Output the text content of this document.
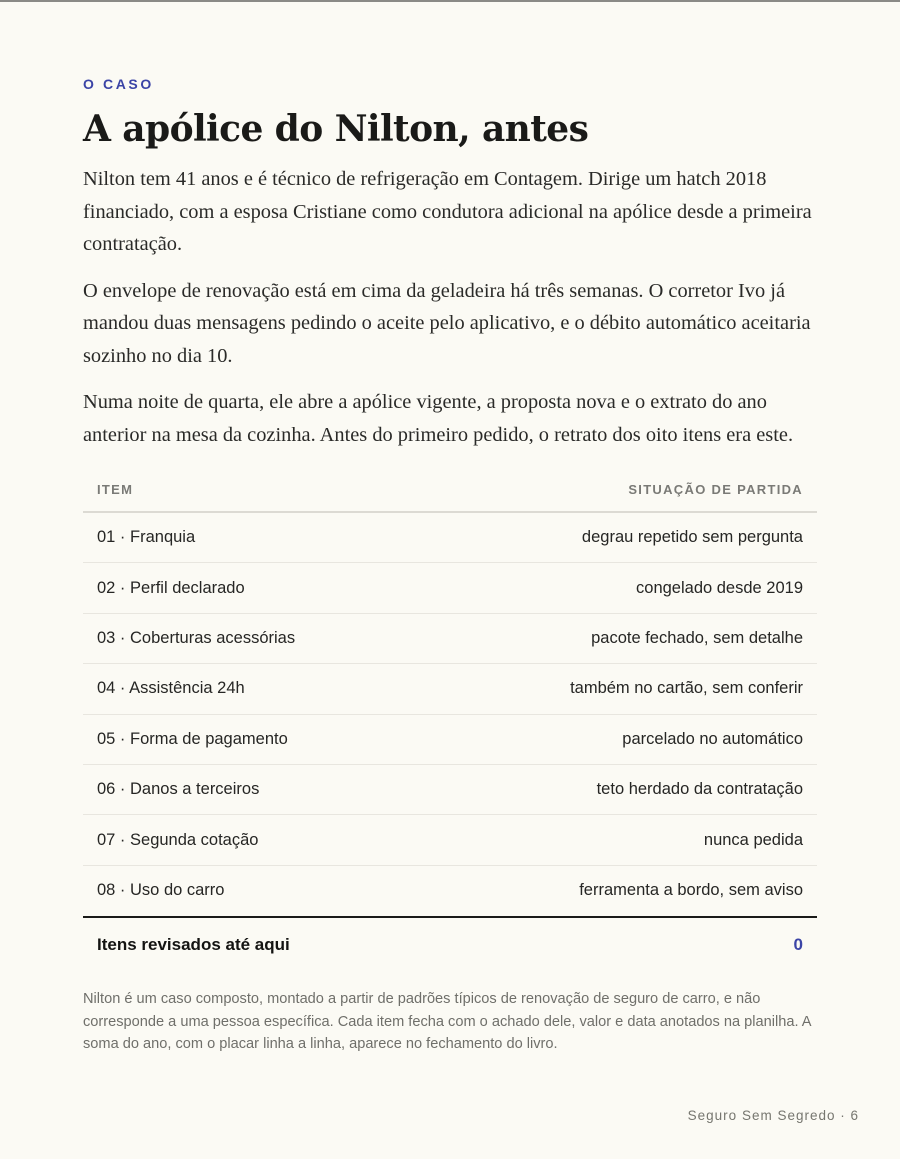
O CASO
A apólice do Nilton, antes

Nilton tem 41 anos e é técnico de refrigeração em Contagem. Dirige um hatch 2018 financiado, com a esposa Cristiane como condutora adicional na apólice desde a primeira contratação.

O envelope de renovação está em cima da geladeira há três semanas. O corretor Ivo já mandou duas mensagens pedindo o aceite pelo aplicativo, e o débito automático aceitaria sozinho no dia 10.

Numa noite de quarta, ele abre a apólice vigente, a proposta nova e o extrato do ano anterior na mesa da cozinha. Antes do primeiro pedido, o retrato dos oito itens era este.

ITEM	SITUAÇÃO DE PARTIDA
01 · Franquia	degrau repetido sem pergunta
02 · Perfil declarado	congelado desde 2019
03 · Coberturas acessórias	pacote fechado, sem detalhe
04 · Assistência 24h	também no cartão, sem conferir
05 · Forma de pagamento	parcelado no automático
06 · Danos a terceiros	teto herdado da contratação
07 · Segunda cotação	nunca pedida
08 · Uso do carro	ferramenta a bordo, sem aviso
Itens revisados até aqui	0

Nilton é um caso composto, montado a partir de padrões típicos de renovação de seguro de carro, e não corresponde a uma pessoa específica. Cada item fecha com o achado dele, valor e data anotados na planilha. A soma do ano, com o placar linha a linha, aparece no fechamento do livro.

Seguro Sem Segredo · 6
